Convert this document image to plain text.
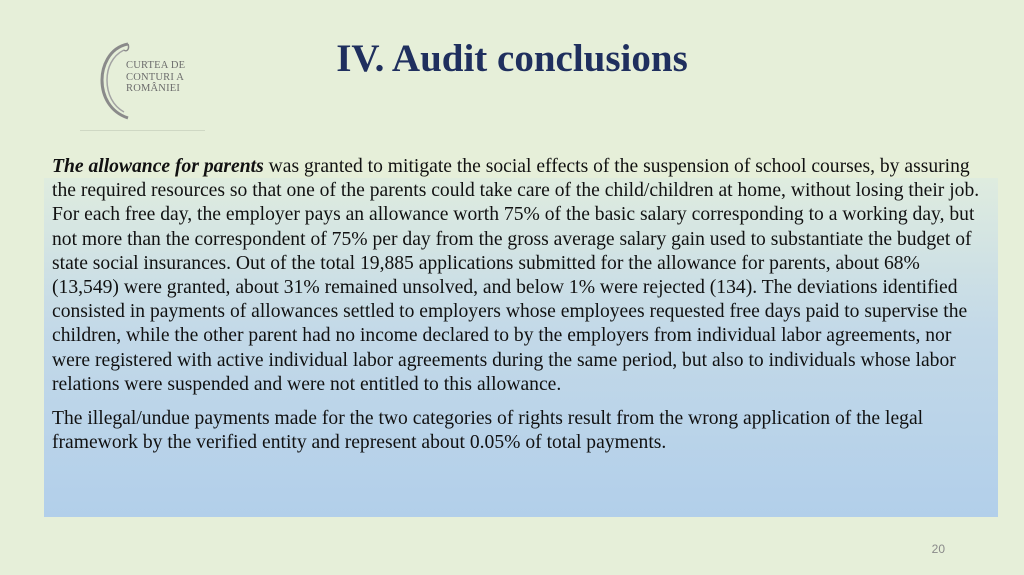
CURTEA DE
CONTURI A
ROMÂNIEI
IV. Audit conclusions

The allowance for parents was granted to mitigate the social effects of the suspension of school courses, by assuring the required resources so that one of the parents could take care of the child/children at home, without losing their job. For each free day, the employer pays an allowance worth 75% of the basic salary corresponding to a working day, but not more than the correspondent of 75% per day from the gross average salary gain used to substantiate the budget of state social insurances. Out of the total 19,885 applications submitted for the allowance for parents, about 68% (13,549) were granted, about 31% remained unsolved, and below 1% were rejected (134). The deviations identified consisted in payments of allowances settled to employers whose employees requested free days paid to supervise the children, while the other parent had no income declared to by the employers from individual labor agreements, nor were registered with active individual labor agreements during the same period, but also to individuals whose labor relations were suspended and were not entitled to this allowance.

The illegal/undue payments made for the two categories of rights result from the wrong application of the legal framework by the verified entity and represent about 0.05% of total payments.

20
